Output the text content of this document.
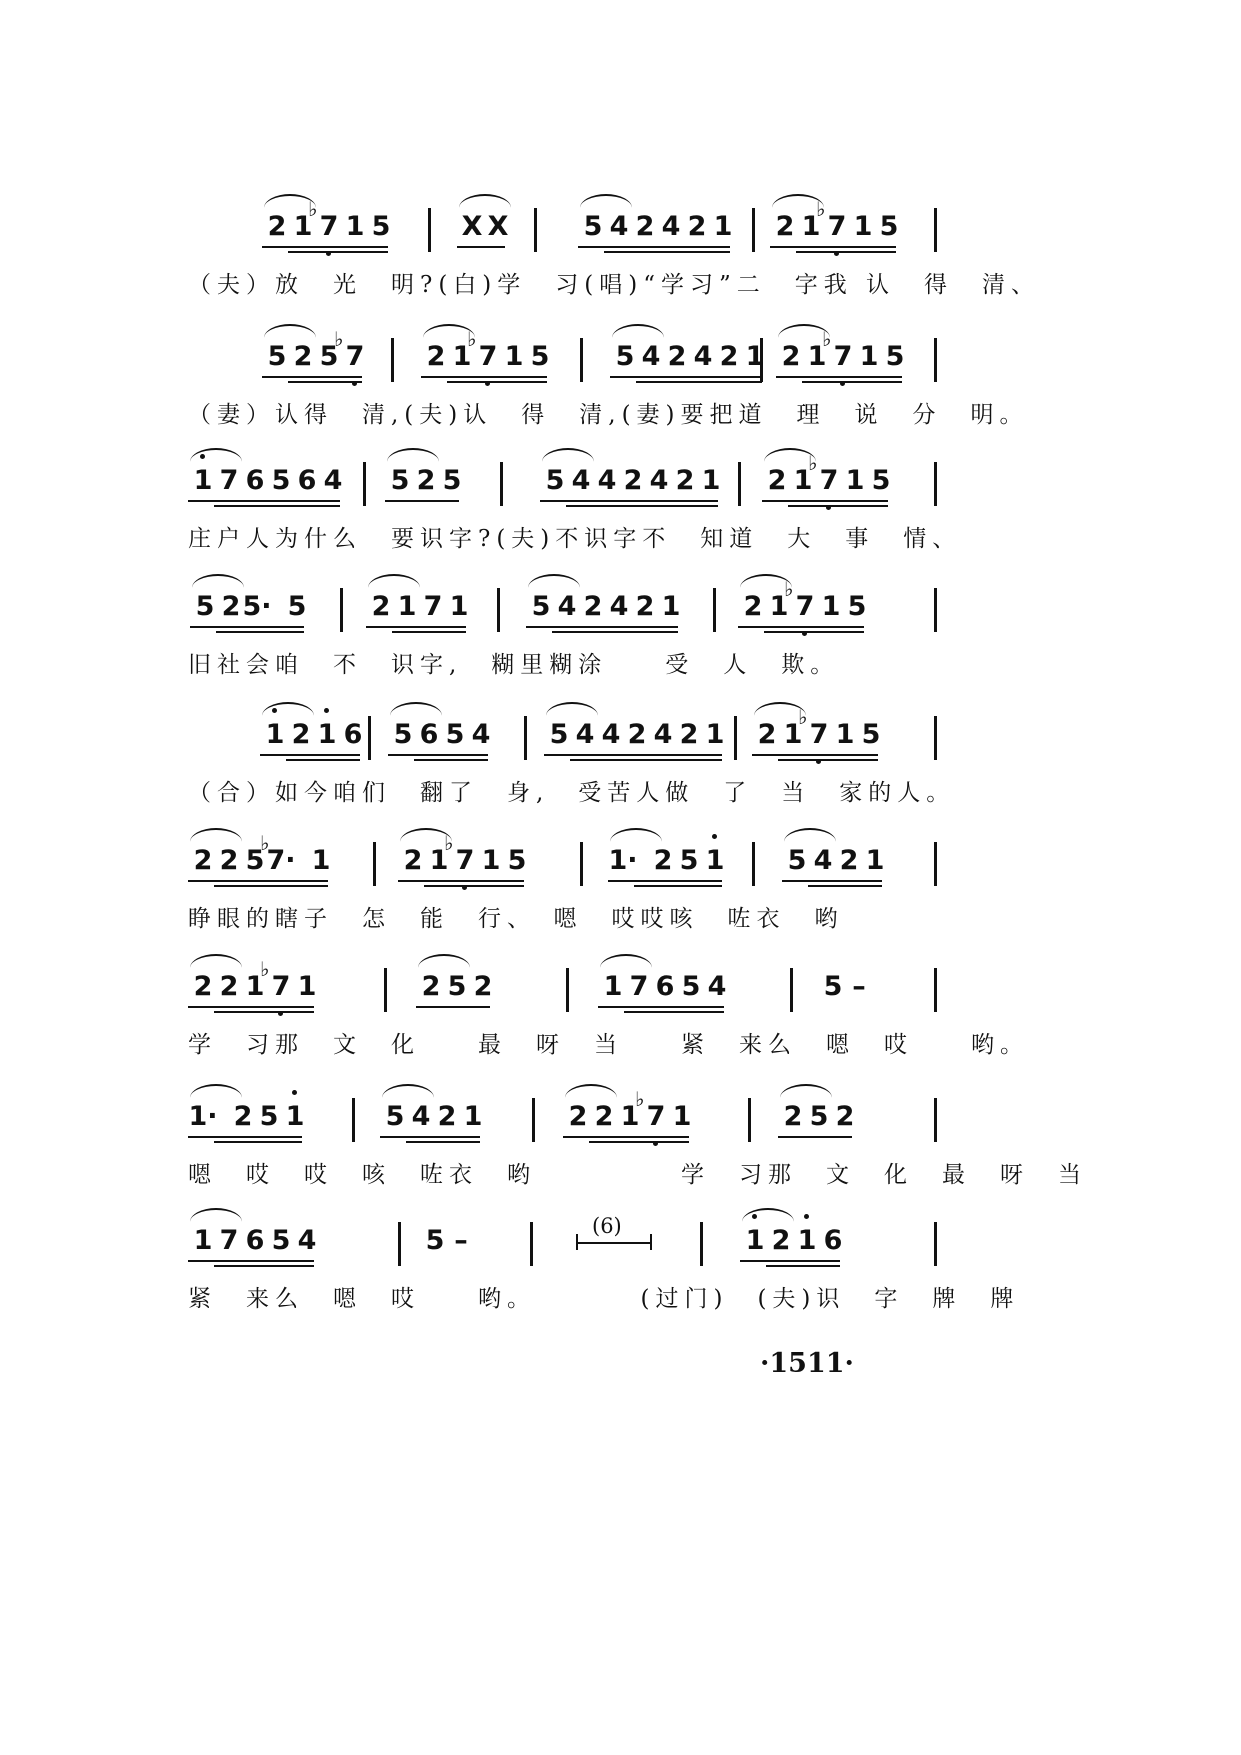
2 1 7
♭
1 5	X X	5 4 2 4 2 1 2 1 7
♭
1 5
（夫）放　光　明?(白)学　习(唱)“学习”二　字我 认　得　清、
5 2 5 7
♭
2 1 7
♭
1 5 5 4 2 4 2 1 2 1 7
♭
1 5
（妻）认得　清,(夫)认　得　清,(妻)要把道　理　说　分　明。
1 7 6 5 6 4 5 2 5	5 4 4 2 4 2 1 2 1 7
♭
1 5
庄户人为什么　要识字?(夫)不识字不　知道　大　事　情、
5 2 5· 5 2 1 7 1 5 4 2 4 2 1 2 1 7
♭
1 5
旧社会咱　不　识字,　糊里糊涂　　受　人　欺。
1 2 1 6 5 6 5 4 5 4 4 2 4 2 1 2 1 7
♭
1 5
（合）如今咱们　翻了　身,　受苦人做　了　当　家的人。
2 2 5 7·
♭
1	2 1 7
♭
1 5	1· 2 5 1 5 4 2 1
睁眼的瞎子　怎　能　行、　嗯　哎哎咳　咗衣　哟
2 2 1 7
♭
1	2 5 2	1 7 6 5 4	5 –
学　习那　文　化　　最　呀　当　　紧　来么　嗯　哎　　哟。
1· 2 5 1	5 4 2 1	2 2 1 7
♭
1	2 5 2
嗯　哎　哎　咳　咗衣　哟　　　　　学　习那　文　化　最　呀　当
1 7 6 5 4	5 –	1 2 1 6
紧　来么　嗯　哎　　哟。　　　　(过门)　(夫)识　字　牌　牌
(6)
·1511·
